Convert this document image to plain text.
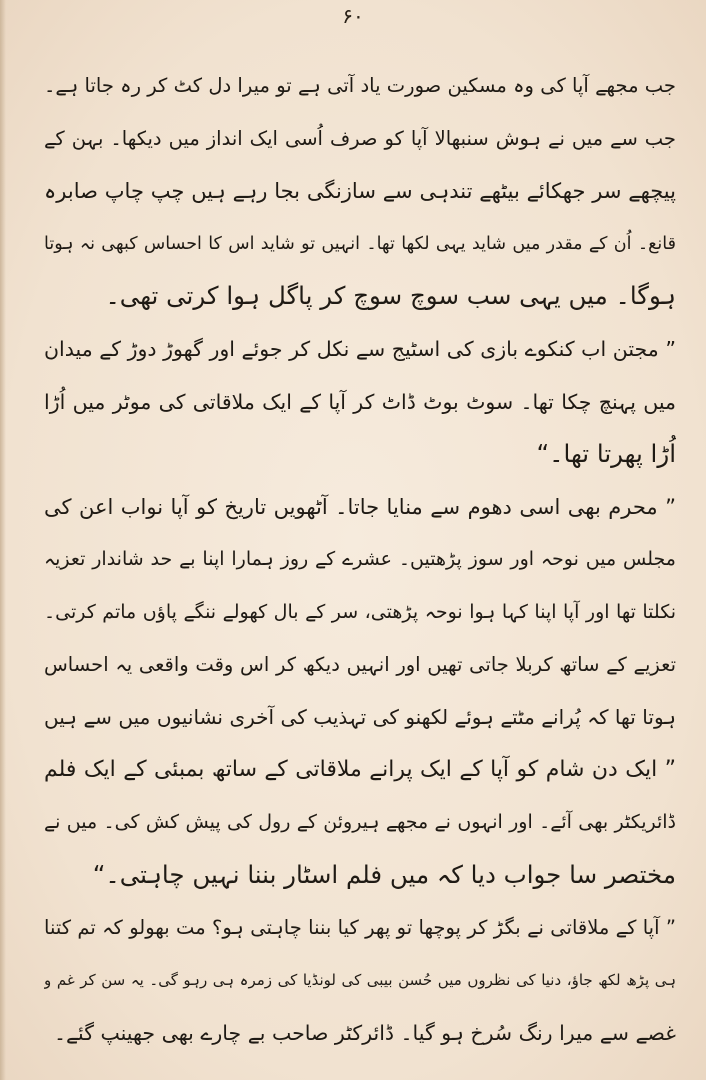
۶۰
جب مجھے آپا کی وہ مسکین صورت یاد آتی ہے تو میرا دل کٹ کر رہ جاتا ہے۔
جب سے میں نے ہوش سنبھالا آپا کو صرف اُسی ایک انداز میں دیکھا۔ بہن کے
پیچھے سر جھکائے بیٹھے تندہی سے سازنگی بجا رہے ہیں چپ چاپ صابرہ
قانع۔ اُن کے مقدر میں شاید یہی لکھا تھا۔ انہیں تو شاید اس کا احساس کبھی نہ ہوتا
ہوگا۔ میں یہی سب سوچ سوچ کر پاگل ہوا کرتی تھی۔
” مجتن اب کنکوے بازی کی اسٹیج سے نکل کر جوئے اور گھوڑ دوڑ کے میدان
میں پہنچ چکا تھا۔ سوٹ بوٹ ڈاٹ کر آپا کے ایک ملاقاتی کی موٹر میں اُڑا
اُڑا پھرتا تھا۔“
” محرم بھی اسی دھوم سے منایا جاتا۔ آٹھویں تاریخ کو آپا نواب اعن کی
مجلس میں نوحہ اور سوز پڑھتیں۔ عشرے کے روز ہمارا اپنا بے حد شاندار تعزیہ
نکلتا تھا اور آپا اپنا کہا ہوا نوحہ پڑھتی، سر کے بال کھولے ننگے پاؤں ماتم کرتی۔
تعزیے کے ساتھ کربلا جاتی تھیں اور انہیں دیکھ کر اس وقت واقعی یہ احساس
ہوتا تھا کہ پُرانے مٹتے ہوئے لکھنو کی تہذیب کی آخری نشانیوں میں سے ہیں
” ایک دن شام کو آپا کے ایک پرانے ملاقاتی کے ساتھ بمبئی کے ایک فلم
ڈائریکٹر بھی آئے۔ اور انہوں نے مجھے ہیروئن کے رول کی پیش کش کی۔ میں نے
مختصر سا جواب دیا کہ میں فلم اسٹار بننا نہیں چاہتی۔“
” آپا کے ملاقاتی نے بگڑ کر پوچھا تو پھر کیا بننا چاہتی ہو؟ مت بھولو کہ تم کتنا
ہی پڑھ لکھ جاؤ، دنیا کی نظروں میں حُسن بیبی کی لونڈیا کی زمرہ ہی رہو گی۔ یہ سن کر غم و
غصے سے میرا رنگ سُرخ ہو گیا۔ ڈائرکٹر صاحب بے چارے بھی جھینپ گئے۔
